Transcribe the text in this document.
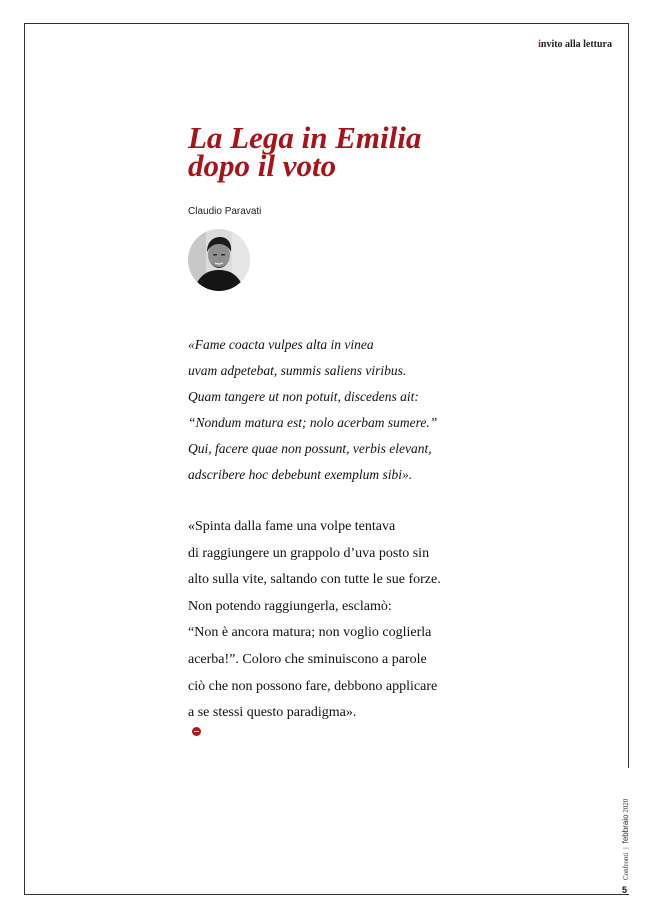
invito alla lettura
La Lega in Emilia
dopo il voto
Claudio Paravati
«Fame coacta vulpes alta in vinea
uvam adpetebat, summis saliens viribus.
Quam tangere ut non potuit, discedens ait:
“Nondum matura est; nolo acerbam sumere.”
Qui, facere quae non possunt, verbis elevant,
adscribere hoc debebunt exemplum sibi».
«Spinta dalla fame una volpe tentava
di raggiungere un grappolo d’uva posto sin
alto sulla vite, saltando con tutte le sue forze.
Non potendo raggiungerla, esclamò:
“Non è ancora matura; non voglio coglierla
acerba!”. Coloro che sminuiscono a parole
ciò che non possono fare, debbono applicare
a se stessi questo paradigma».
Confronti|febbraio 2020
5
